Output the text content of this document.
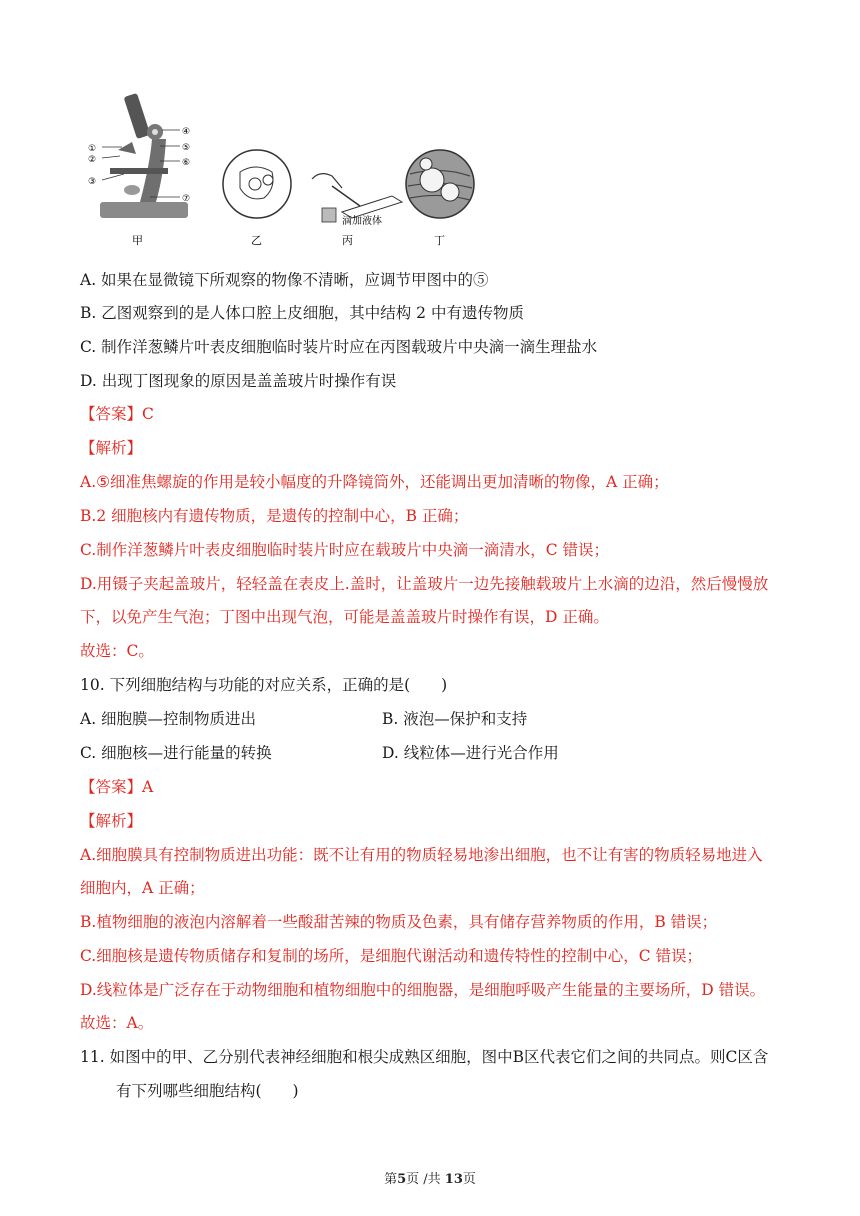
①
②
③
④
⑤
⑥
⑦
甲	乙
滴加液体
丙	丁
A. 如果在显微镜下所观察的物像不清晰，应调节甲图中的⑤
B. 乙图观察到的是人体口腔上皮细胞，其中结构 2 中有遗传物质
C. 制作洋葱鳞片叶表皮细胞临时装片时应在丙图载玻片中央滴一滴生理盐水
D. 出现丁图现象的原因是盖盖玻片时操作有误
【答案】C
【解析】
A.⑤细准焦螺旋的作用是较小幅度的升降镜筒外，还能调出更加清晰的物像，A 正确；
B.2 细胞核内有遗传物质，是遗传的控制中心，B 正确；
C.制作洋葱鳞片叶表皮细胞临时装片时应在载玻片中央滴一滴清水，C 错误；
D.用镊子夹起盖玻片，轻轻盖在表皮上.盖时，让盖玻片一边先接触载玻片上水滴的边沿，然后慢慢放
下，以免产生气泡；丁图中出现气泡，可能是盖盖玻片时操作有误，D 正确。
故选：C。
10. 下列细胞结构与功能的对应关系，正确的是(　　)
A. 细胞膜—控制物质进出	B. 液泡—保护和支持
C. 细胞核—进行能量的转换	D. 线粒体—进行光合作用
【答案】A
【解析】
A.细胞膜具有控制物质进出功能：既不让有用的物质轻易地渗出细胞，也不让有害的物质轻易地进入
细胞内，A 正确；
B.植物细胞的液泡内溶解着一些酸甜苦辣的物质及色素，具有储存营养物质的作用，B 错误；
C.细胞核是遗传物质储存和复制的场所，是细胞代谢活动和遗传特性的控制中心，C 错误；
D.线粒体是广泛存在于动物细胞和植物细胞中的细胞器，是细胞呼吸产生能量的主要场所，D 错误。
故选：A。
11. 如图中的甲、乙分别代表神经细胞和根尖成熟区细胞，图中B区代表它们之间的共同点。则C区含
有下列哪些细胞结构(　　)
第5页 /共 13页
